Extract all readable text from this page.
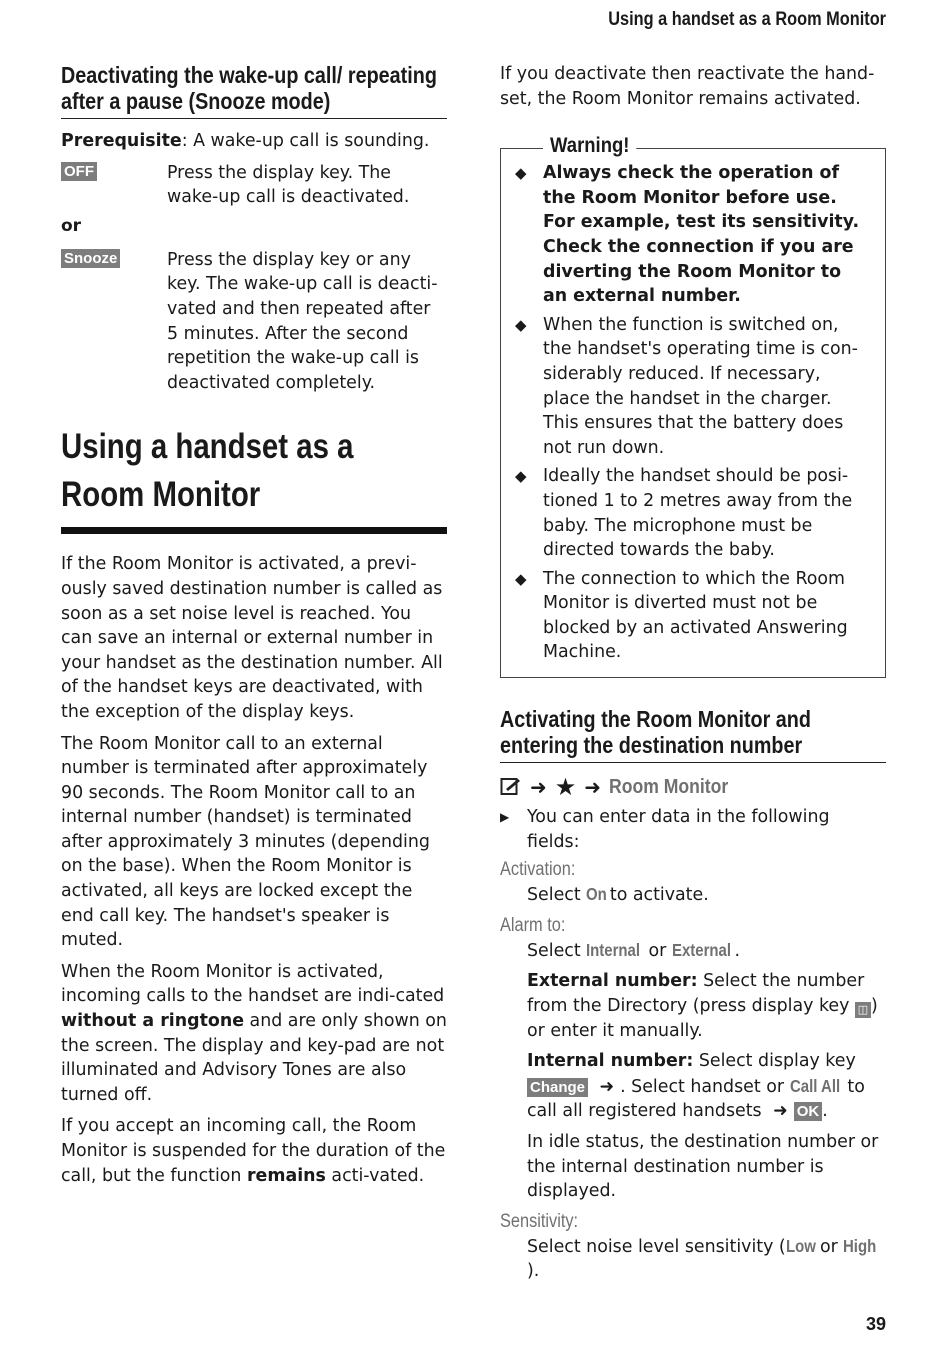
Using a handset as a Room Monitor
Deactivating the wake-up call/ repeating after a pause (Snooze mode)

Prerequisite: A wake-up call is sounding.

OFF	Press the display key. The wake-up call is deactivated.

or
Snooze	Press the display key or any key. The wake-up call is deacti-vated and then repeated after 5 minutes. After the second repetition the wake-up call is deactivated completely.

Using a handset as a
Room Monitor

If the Room Monitor is activated, a previ-ously saved destination number is called as soon as a set noise level is reached. You can save an internal or external number in your handset as the destination number. All of the handset keys are deactivated, with the exception of the display keys.

The Room Monitor call to an external number is terminated after approximately 90 seconds. The Room Monitor call to an internal number (handset) is terminated after approximately 3 minutes (depending on the base). When the Room Monitor is activated, all keys are locked except the end call key. The handset's speaker is muted.

When the Room Monitor is activated, incoming calls to the handset are indi-cated without a ringtone and are only shown on the screen. The display and key-pad are not illuminated and Advisory Tones are also turned off.

If you accept an incoming call, the Room Monitor is suspended for the duration of the call, but the function remains acti-vated.

If you deactivate then reactivate the hand-set, the Room Monitor remains activated.

Warning!
◆ Always check the operation of the Room Monitor before use. For example, test its sensitivity. Check the connection if you are diverting the Room Monitor to an external number.

◆ When the function is switched on, the handset's operating time is con-siderably reduced. If necessary, place the handset in the charger. This ensures that the battery does not run down.

◆ Ideally the handset should be posi-tioned 1 to 2 metres away from the baby. The microphone must be directed towards the baby.

◆ The connection to which the Room Monitor is diverted must not be blocked by an activated Answering Machine.

Activating the Room Monitor and entering the destination number
➜ ★ ➜ Room Monitor
▶	You can enter data in the following fields:

Activation:

Select On to activate.

Alarm to:

Select Internal or External .

External number: Select the number from the Directory (press display key ◫ ) or enter it manually.

Internal number: Select display key
Change ➜ . Select handset or Call All to call all registered handsets ➜ OK .

In idle status, the destination number or the internal destination number is displayed.

Sensitivity:

Select noise level sensitivity (Low or High).

39
